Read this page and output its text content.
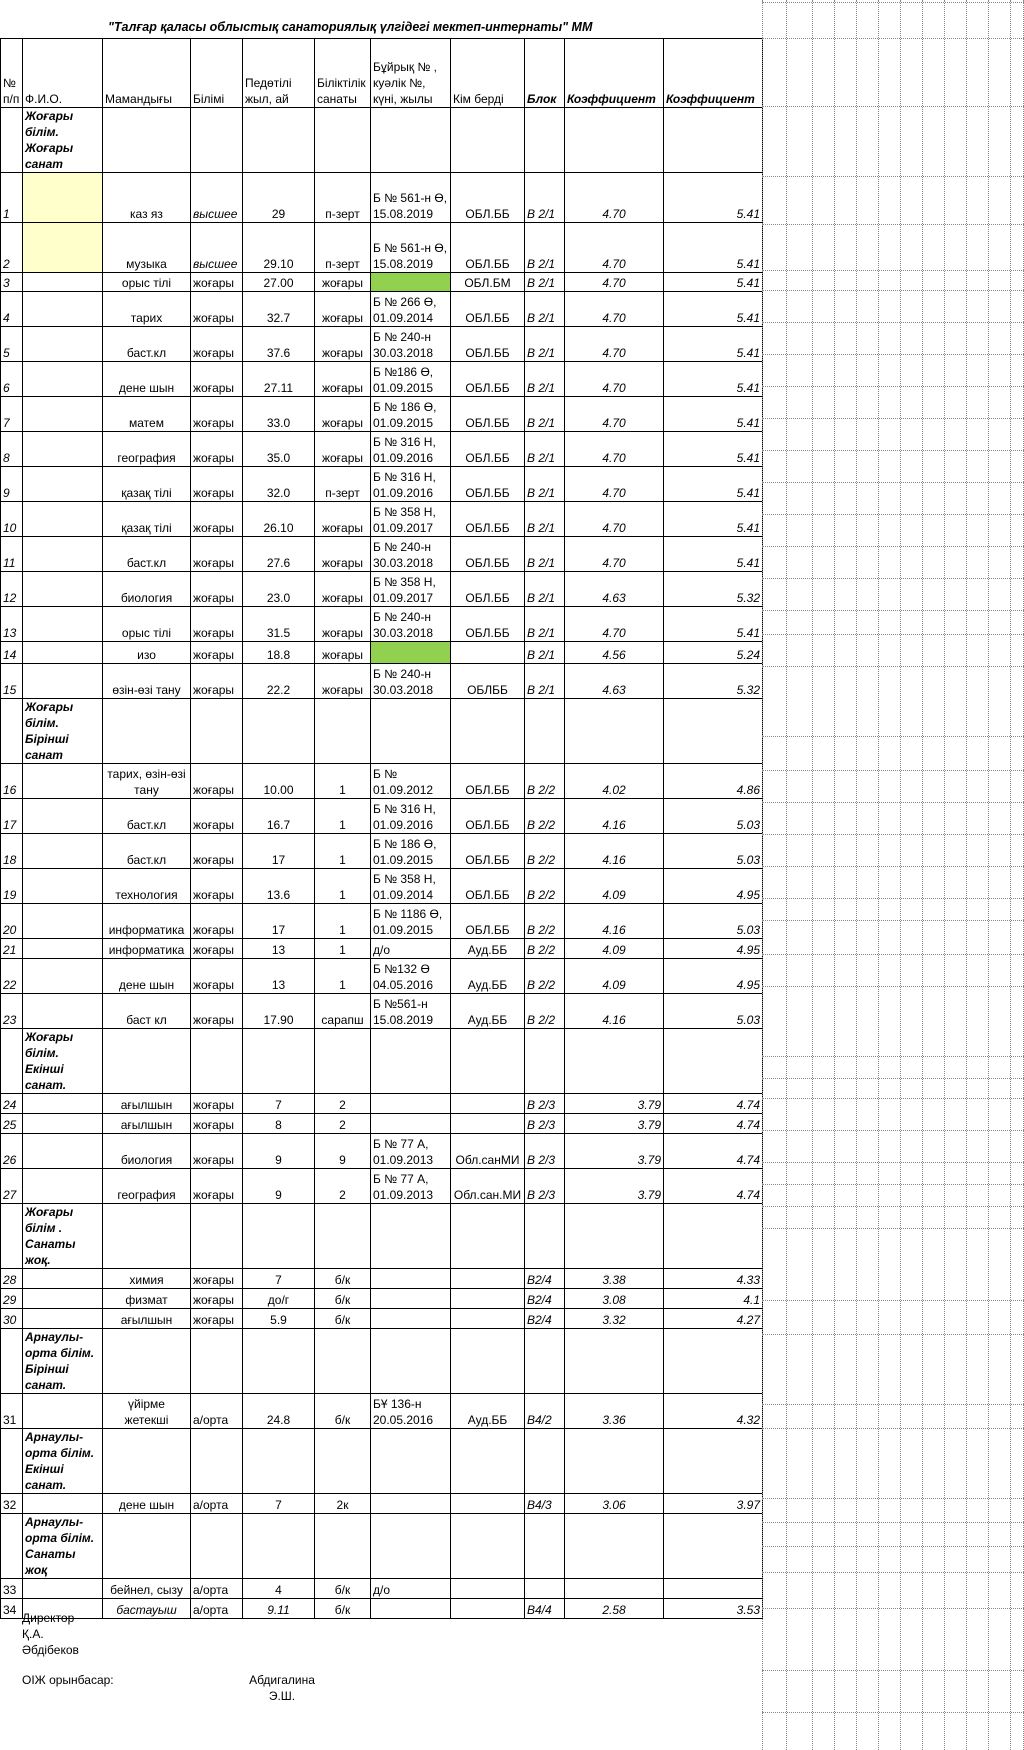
"Талғар қаласы облыстық санаториялық үлгідегі мектеп-интернаты" ММ
№ п/п	Ф.И.О.	Мамандығы	Білімі	Педөтілі жыл, ай	Біліктілік санаты	Бұйрық № , куәлік №, күні, жылы	Кім берді	Блок	Коэффициент	Коэффициент
	Жоғары білім. Жоғары санат									
1		каз яз	высшее	29	п-зерт	Б № 561-н Ө, 15.08.2019	ОБЛ.ББ	В 2/1	4.70	5.41
2		музыка	высшее	29.10	п-зерт	Б № 561-н Ө, 15.08.2019	ОБЛ.ББ	В 2/1	4.70	5.41
3		орыс тілі	жоғары	27.00	жоғары		ОБЛ.БМ	В 2/1	4.70	5.41
4		тарих	жоғары	32.7	жоғары	Б № 266 Ө, 01.09.2014	ОБЛ.ББ	В 2/1	4.70	5.41
5		баст.кл	жоғары	37.6	жоғары	Б № 240-н 30.03.2018	ОБЛ.ББ	В 2/1	4.70	5.41
6		дене шын	жоғары	27.11	жоғары	Б №186 Ө, 01.09.2015	ОБЛ.ББ	В 2/1	4.70	5.41
7		матем	жоғары	33.0	жоғары	Б № 186 Ө, 01.09.2015	ОБЛ.ББ	В 2/1	4.70	5.41
8		география	жоғары	35.0	жоғары	Б № 316 Н, 01.09.2016	ОБЛ.ББ	В 2/1	4.70	5.41
9		қазақ тілі	жоғары	32.0	п-зерт	Б № 316 Н, 01.09.2016	ОБЛ.ББ	В 2/1	4.70	5.41
10		қазақ тілі	жоғары	26.10	жоғары	Б № 358 Н, 01.09.2017	ОБЛ.ББ	В 2/1	4.70	5.41
11		баст.кл	жоғары	27.6	жоғары	Б № 240-н 30.03.2018	ОБЛ.ББ	В 2/1	4.70	5.41
12		биология	жоғары	23.0	жоғары	Б № 358 Н, 01.09.2017	ОБЛ.ББ	В 2/1	4.63	5.32
13		орыс тілі	жоғары	31.5	жоғары	Б № 240-н 30.03.2018	ОБЛ.ББ	В 2/1	4.70	5.41
14		изо	жоғары	18.8	жоғары			В 2/1	4.56	5.24
15		өзін-өзі тану	жоғары	22.2	жоғары	Б № 240-н 30.03.2018	ОБЛББ	В 2/1	4.63	5.32
	Жоғары білім. Бірінші санат									
16		тарих, өзін-өзі тану	жоғары	10.00	1	Б № 01.09.2012	ОБЛ.ББ	В 2/2	4.02	4.86
17		баст.кл	жоғары	16.7	1	Б № 316 Н, 01.09.2016	ОБЛ.ББ	В 2/2	4.16	5.03
18		баст.кл	жоғары	17	1	Б № 186 Ө, 01.09.2015	ОБЛ.ББ	В 2/2	4.16	5.03
19		технология	жоғары	13.6	1	Б № 358 Н, 01.09.2014	ОБЛ.ББ	В 2/2	4.09	4.95
20		информатика	жоғары	17	1	Б № 1186 Ө, 01.09.2015	ОБЛ.ББ	В 2/2	4.16	5.03
21		информатика	жоғары	13	1	д/о	Ауд.ББ	В 2/2	4.09	4.95
22		дене шын	жоғары	13	1	Б №132 Ө 04.05.2016	Ауд.ББ	В 2/2	4.09	4.95
23		баст кл	жоғары	17.90	сарапш	Б №561-н 15.08.2019	Ауд.ББ	В 2/2	4.16	5.03
	Жоғары білім. Екінші санат.									
24		ағылшын	жоғары	7	2			В 2/3	3.79	4.74
25		ағылшын	жоғары	8	2			В 2/3	3.79	4.74
26		биология	жоғары	9	9	Б № 77 А, 01.09.2013	Обл.санМИ	В 2/3	3.79	4.74
27		география	жоғары	9	2	Б № 77 А, 01.09.2013	Обл.сан.МИ	В 2/3	3.79	4.74
	Жоғары білім . Санаты жоқ.									
28		химия	жоғары	7	б/к			В2/4	3.38	4.33
29		физмат	жоғары	до/г	б/к			В2/4	3.08	4.1
30		ағылшын	жоғары	5.9	б/к			В2/4	3.32	4.27
	Арнаулы-орта білім. Бірінші санат.									
31		үйірме жетекші	а/орта	24.8	б/к	БҰ 136-н 20.05.2016	Ауд.ББ	В4/2	3.36	4.32
	Арнаулы-орта білім. Екінші санат.									
32		дене шын	а/орта	7	2к			В4/3	3.06	3.97
	Арнаулы-орта білім. Санаты жоқ									
33		бейнел, сызу	а/орта	4	б/к	д/о				
34		бастауыш	а/орта	9.11	б/к			В4/4	2.58	3.53
Директор
Қ.А. Әбдібеков
ОІЖ орынбасар:	Абдигалина Э.Ш.
